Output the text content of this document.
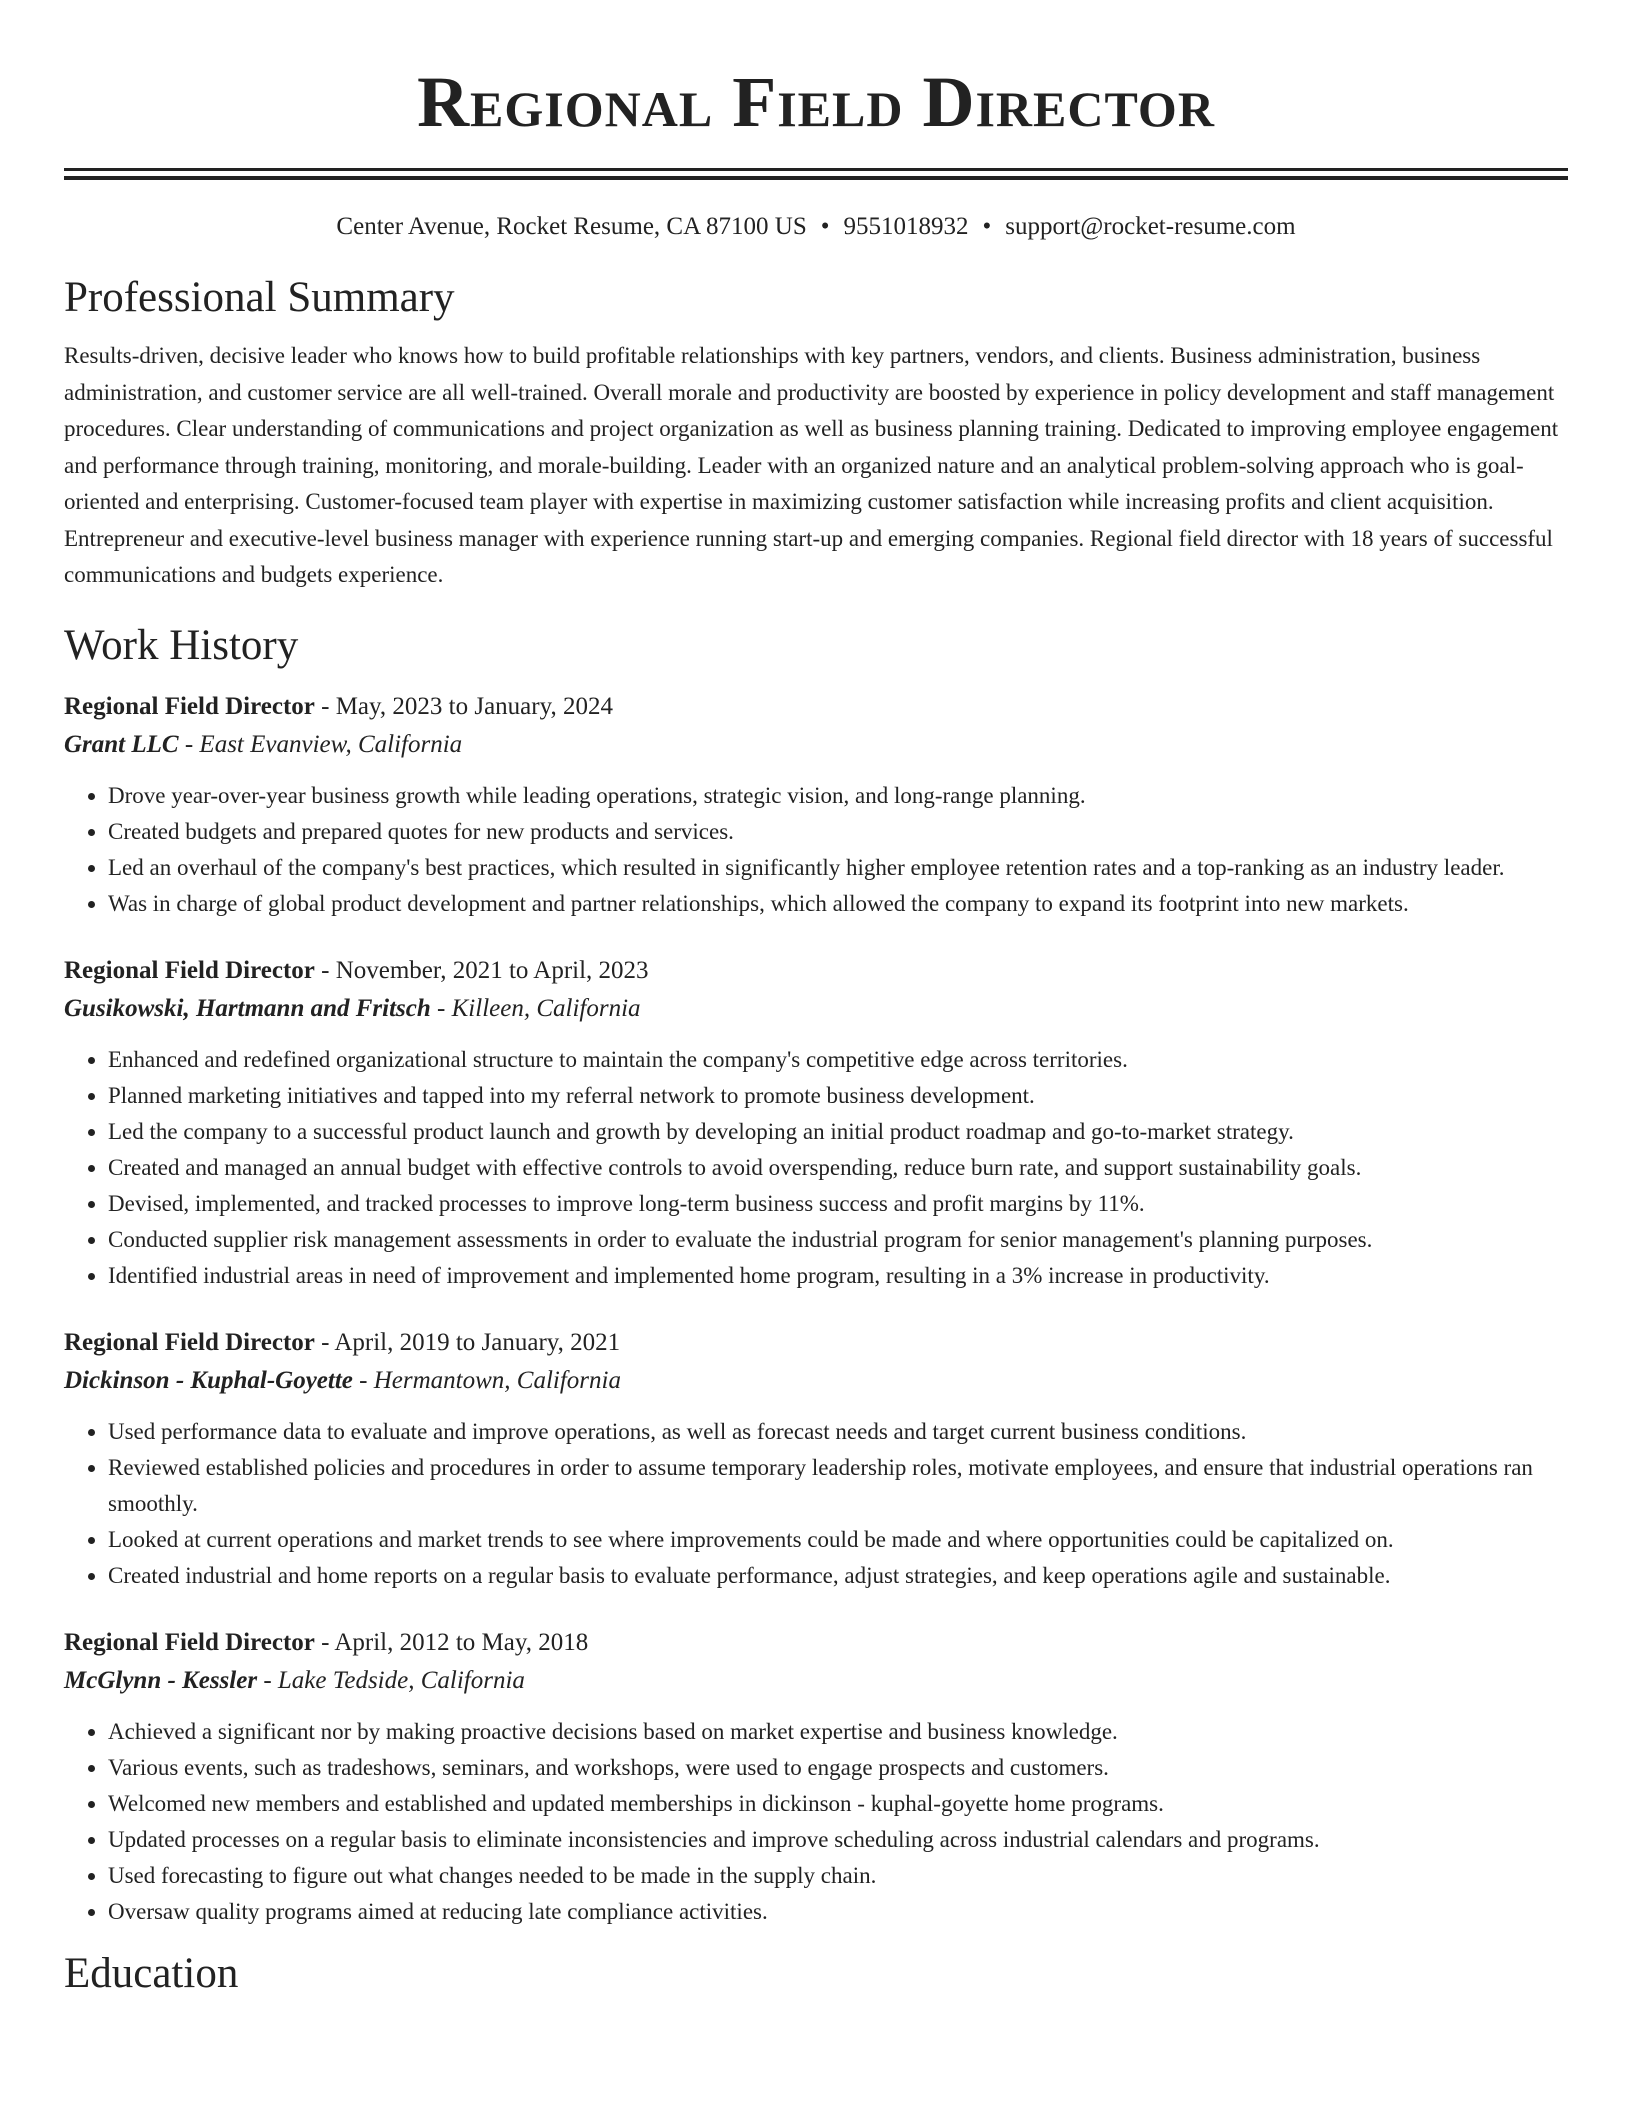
Regional Field Director
Center Avenue, Rocket Resume, CA 87100 US • 9551018932 • support@rocket-resume.com
Professional Summary

Results-driven, decisive leader who knows how to build profitable relationships with key partners, vendors, and clients. Business administration, business administration, and customer service are all well-trained. Overall morale and productivity are boosted by experience in policy development and staff management procedures. Clear understanding of communications and project organization as well as business planning training. Dedicated to improving employee engagement and performance through training, monitoring, and morale-building. Leader with an organized nature and an analytical problem-solving approach who is goal-oriented and enterprising. Customer-focused team player with expertise in maximizing customer satisfaction while increasing profits and client acquisition. Entrepreneur and executive-level business manager with experience running start-up and emerging companies. Regional field director with 18 years of successful communications and budgets experience.

Work History
Regional Field Director - May, 2023 to January, 2024
Grant LLC - East Evanview, California
• Drove year-over-year business growth while leading operations, strategic vision, and long-range planning.
• Created budgets and prepared quotes for new products and services.
• Led an overhaul of the company's best practices, which resulted in significantly higher employee retention rates and a top-ranking as an industry leader.
• Was in charge of global product development and partner relationships, which allowed the company to expand its footprint into new markets.
Regional Field Director - November, 2021 to April, 2023
Gusikowski, Hartmann and Fritsch - Killeen, California
• Enhanced and redefined organizational structure to maintain the company's competitive edge across territories.
• Planned marketing initiatives and tapped into my referral network to promote business development.
• Led the company to a successful product launch and growth by developing an initial product roadmap and go-to-market strategy.
• Created and managed an annual budget with effective controls to avoid overspending, reduce burn rate, and support sustainability goals.
• Devised, implemented, and tracked processes to improve long-term business success and profit margins by 11%.
• Conducted supplier risk management assessments in order to evaluate the industrial program for senior management's planning purposes.
• Identified industrial areas in need of improvement and implemented home program, resulting in a 3% increase in productivity.
Regional Field Director - April, 2019 to January, 2021
Dickinson - Kuphal-Goyette - Hermantown, California
• Used performance data to evaluate and improve operations, as well as forecast needs and target current business conditions.
• Reviewed established policies and procedures in order to assume temporary leadership roles, motivate employees, and ensure that industrial operations ran smoothly.
• Looked at current operations and market trends to see where improvements could be made and where opportunities could be capitalized on.
• Created industrial and home reports on a regular basis to evaluate performance, adjust strategies, and keep operations agile and sustainable.
Regional Field Director - April, 2012 to May, 2018
McGlynn - Kessler - Lake Tedside, California
• Achieved a significant nor by making proactive decisions based on market expertise and business knowledge.
• Various events, such as tradeshows, seminars, and workshops, were used to engage prospects and customers.
• Welcomed new members and established and updated memberships in dickinson - kuphal-goyette home programs.
• Updated processes on a regular basis to eliminate inconsistencies and improve scheduling across industrial calendars and programs.
• Used forecasting to figure out what changes needed to be made in the supply chain.
• Oversaw quality programs aimed at reducing late compliance activities.
Education
